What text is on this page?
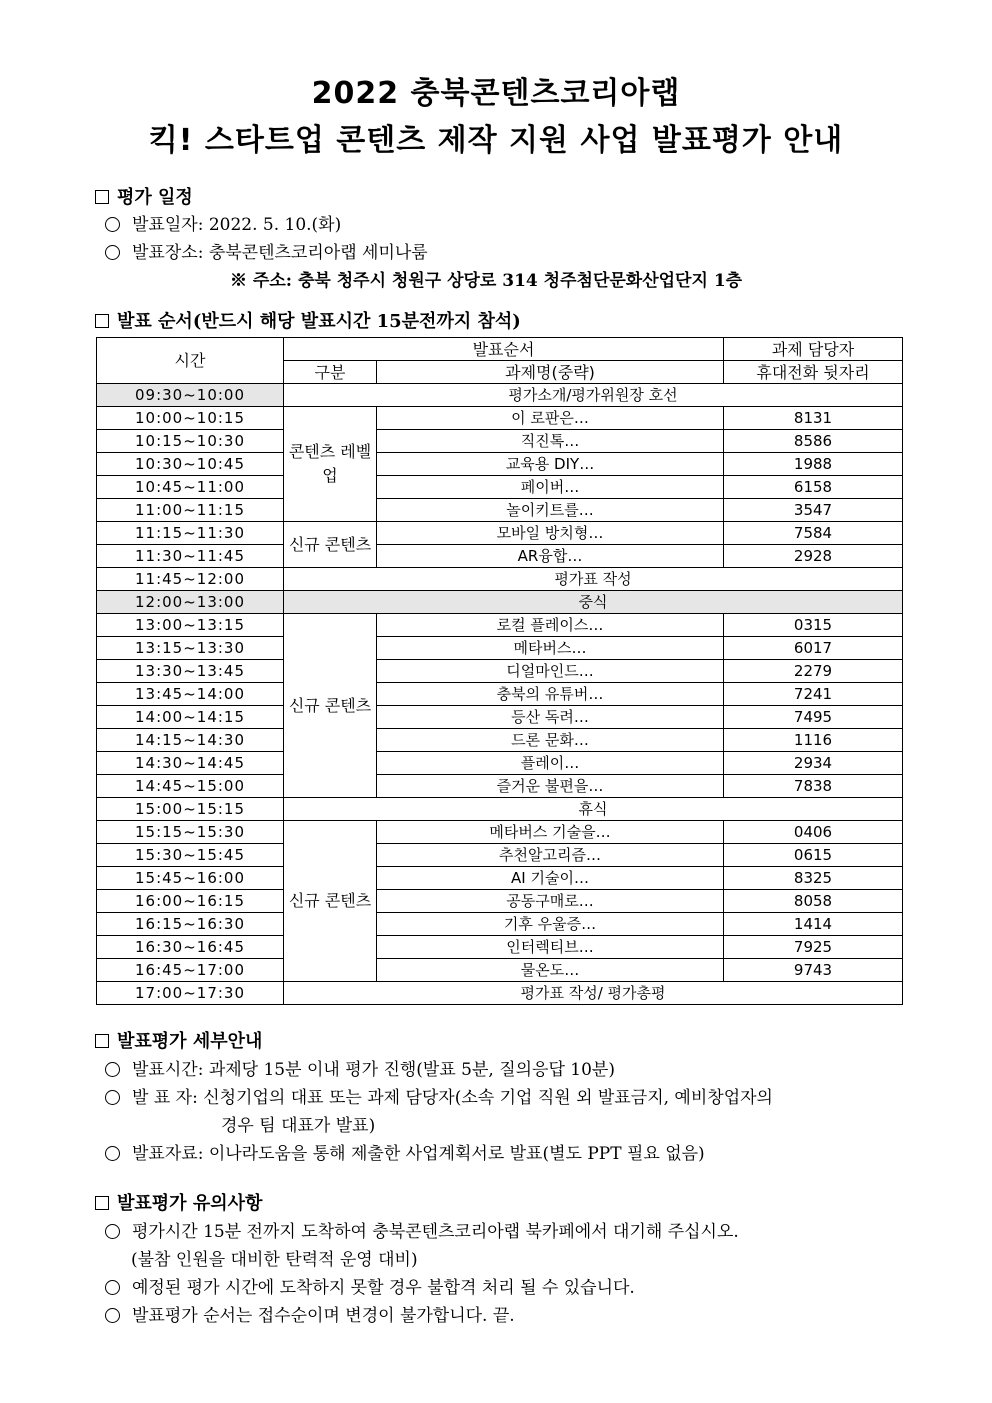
2022 충북콘텐츠코리아랩
킥! 스타트업 콘텐츠 제작 지원 사업 발표평가 안내
평가 일정
발표일자: 2022. 5. 10.(화)
발표장소: 충북콘텐츠코리아랩 세미나룸
※ 주소: 충북 청주시 청원구 상당로 314 청주첨단문화산업단지 1층
발표 순서(반드시 해당 발표시간 15분전까지 참석)
시간	발표순서		과제 담당자
	구분	과제명(중략)	휴대전화 뒷자리
09:30~10:00	평가소개/평가위원장 호선		
10:00~10:15	콘텐츠 레벨업	이 로판은…	8131
10:15~10:30		직진톡…	8586
10:30~10:45		교육용 DIY…	1988
10:45~11:00		페이버…	6158
11:00~11:15		놀이키트를…	3547
11:15~11:30	신규 콘텐츠	모바일 방치형…	7584
11:30~11:45		AR융합…	2928
11:45~12:00	평가표 작성		
12:00~13:00	중식		
13:00~13:15	신규 콘텐츠	로컬 플레이스…	0315
13:15~13:30		메타버스…	6017
13:30~13:45		디얼마인드…	2279
13:45~14:00		충북의 유튜버…	7241
14:00~14:15		등산 독려…	7495
14:15~14:30		드론 문화…	1116
14:30~14:45		플레이…	2934
14:45~15:00		즐거운 불편을…	7838
15:00~15:15	휴식		
15:15~15:30	신규 콘텐츠	메타버스 기술을…	0406
15:30~15:45		추천알고리즘…	0615
15:45~16:00		AI 기술이…	8325
16:00~16:15		공동구매로…	8058
16:15~16:30		기후 우울증…	1414
16:30~16:45		인터렉티브…	7925
16:45~17:00		물온도…	9743
17:00~17:30	평가표 작성/ 평가총평		
발표평가 세부안내
발표시간: 과제당 15분 이내 평가 진행(발표 5분, 질의응답 10분)
발 표 자: 신청기업의 대표 또는 과제 담당자(소속 기업 직원 외 발표금지, 예비창업자의
경우 팀 대표가 발표)
발표자료: 이나라도움을 통해 제출한 사업계획서로 발표(별도 PPT 필요 없음)
발표평가 유의사항
평가시간 15분 전까지 도착하여 충북콘텐츠코리아랩 북카페에서 대기해 주십시오.
(불참 인원을 대비한 탄력적 운영 대비)
예정된 평가 시간에 도착하지 못할 경우 불합격 처리 될 수 있습니다.
발표평가 순서는 접수순이며 변경이 불가합니다. 끝.
